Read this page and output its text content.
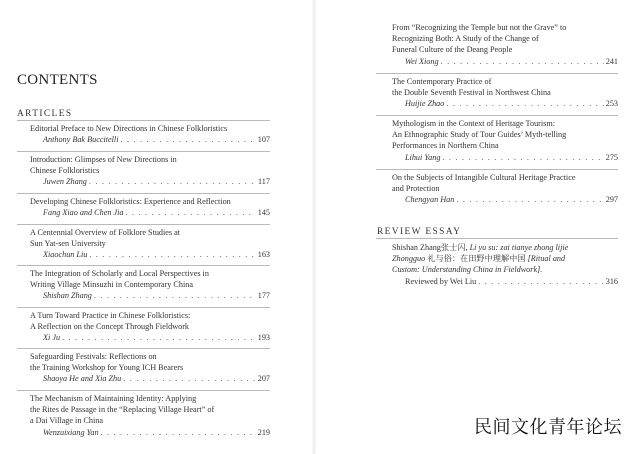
CONTENTS
ARTICLES
Editorial Preface to New Directions in Chinese Folkloristics
Anthony Bak Buccitelli . . .	107
Introduction: Glimpses of New Directions in
Chinese Folkloristics
Juwen Zhang . . .	117
Developing Chinese Folkloristics: Experience and Reflection
Fang Xiao and Chen Jia . . .	145
A Centennial Overview of Folklore Studies at
Sun Yat-sen University
Xiaochun Liu . . .	163
The Integration of Scholarly and Local Perspectives in
Writing Village Minsuzhi in Contemporary China
Shishan Zhang . . .	177
A Turn Toward Practice in Chinese Folkloristics:
A Reflection on the Concept Through Fieldwork
Xi Ju . . .	193
Safeguarding Festivals: Reflections on
the Training Workshop for Young ICH Bearers
Shaoya He and Xia Zhu . . .	207
The Mechanism of Maintaining Identity: Applying
the Rites de Passage in the “Replacing Village Heart” of
a Dai Village in China
Wenzuixiang Yan . . .	219
From “Recognizing the Temple but not the Grave” to
Recognizing Both: A Study of the Change of
Funeral Culture of the Deang People
Wei Xiong . . .	241
The Contemporary Practice of
the Double Seventh Festival in Northwest China
Huijie Zhao . . .	253
Mythologism in the Context of Heritage Tourism:
An Ethnographic Study of Tour Guides’ Myth-telling
Performances in Northern China
Lihui Yang . . .	275
On the Subjects of Intangible Cultural Heritage Practice
and Protection
Chengyan Han . . .	297
REVIEW ESSAY
Shishan Zhang张士闪, Li yu su: zai tianye zhong lijie
Zhongguo 礼与俗：在田野中理解中国 [Ritual and
Custom: Understanding China in Fieldwork].
Reviewed by Wei Liu . . .	316
民间文化青年论坛
